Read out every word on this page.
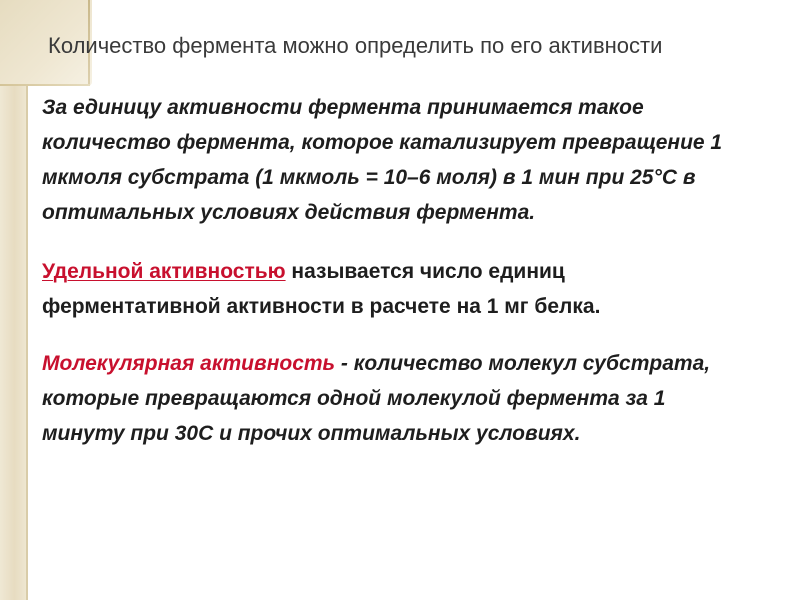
Количество фермента можно определить по его активности

За единицу активности фермента принимается такое количество фермента, которое катализирует превращение 1 мкмоля субстрата (1 мкмоль = 10–6 моля) в 1 мин при 25°С в оптимальных условиях действия фермента.

Удельной активностью называется число единиц ферментативной активности в расчете на 1 мг белка.

Молекулярная активность - количество молекул субстрата, которые превращаются одной молекулой фермента за 1 минуту при 30С и прочих оптимальных условиях.
